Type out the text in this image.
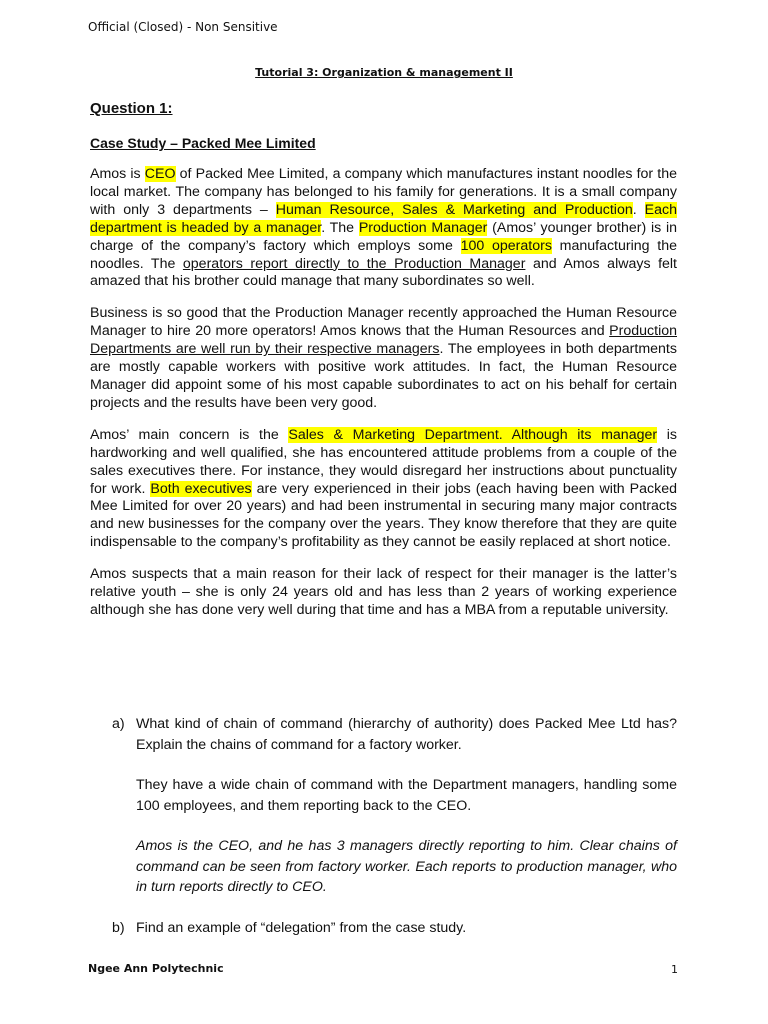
Official (Closed) - Non Sensitive
Tutorial 3: Organization & management II
Question 1:
Case Study – Packed Mee Limited

Amos is CEO of Packed Mee Limited, a company which manufactures instant noodles for the local market. The company has belonged to his family for generations. It is a small company with only 3 departments – Human Resource, Sales & Marketing and Production. Each department is headed by a manager. The Production Manager (Amos’ younger brother) is in charge of the company’s factory which employs some 100 operators manufacturing the noodles. The operators report directly to the Production Manager and Amos always felt amazed that his brother could manage that many subordinates so well.

Business is so good that the Production Manager recently approached the Human Resource Manager to hire 20 more operators! Amos knows that the Human Resources and Production Departments are well run by their respective managers. The employees in both departments are mostly capable workers with positive work attitudes. In fact, the Human Resource Manager did appoint some of his most capable subordinates to act on his behalf for certain projects and the results have been very good.

Amos’ main concern is the Sales & Marketing Department. Although its manager is hardworking and well qualified, she has encountered attitude problems from a couple of the sales executives there. For instance, they would disregard her instructions about punctuality for work. Both executives are very experienced in their jobs (each having been with Packed Mee Limited for over 20 years) and had been instrumental in securing many major contracts and new businesses for the company over the years. They know therefore that they are quite indispensable to the company’s profitability as they cannot be easily replaced at short notice.

Amos suspects that a main reason for their lack of respect for their manager is the latter’s relative youth – she is only 24 years old and has less than 2 years of working experience although she has done very well during that time and has a MBA from a reputable university.

a) What kind of chain of command (hierarchy of authority) does Packed Mee Ltd has? Explain the chains of command for a factory worker.
They have a wide chain of command with the Department managers, handling some 100 employees, and them reporting back to the CEO.
Amos is the CEO, and he has 3 managers directly reporting to him. Clear chains of command can be seen from factory worker. Each reports to production manager, who in turn reports directly to CEO.
b) Find an example of “delegation” from the case study.
Ngee Ann Polytechnic	1
